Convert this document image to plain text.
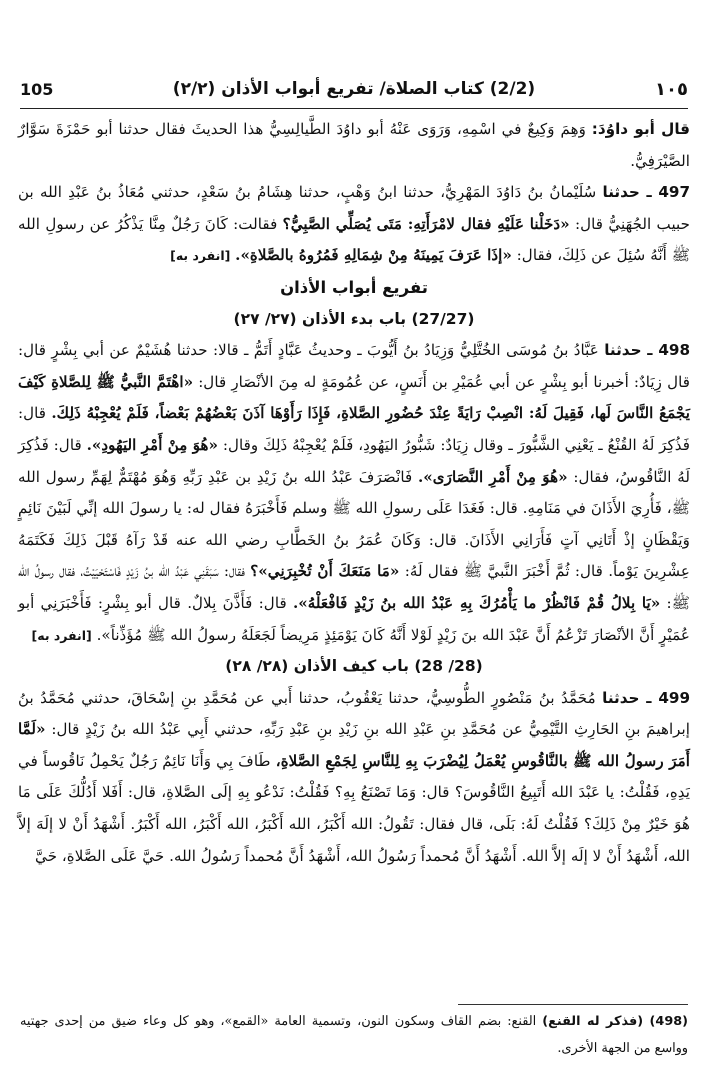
105	(2/2) كتاب الصلاة/ تفريع أبواب الأذان (٢/٢)	١٠٥

قال أبو داوُدَ: وَهِمَ وَكِيعٌ في اسْمِهِ، وَرَوَى عَنْهُ أبو داوُدَ الطَّيالِسِيُّ هذا الحديثَ فقال حدثنا أبو حَمْزَةَ سَوَّارٌ الصَّيْرَفِيُّ.

497 ـ حدثنا سُلَيْمانُ بنُ دَاوُدَ المَهْرِيُّ، حدثنا ابنُ وَهْبٍ، حدثنا هِشَامُ بنُ سَعْدٍ، حدثني مُعَاذُ بنُ عَبْدِ الله بن حبيب الجُهَنِيُّ قال: «دَخَلْنا عَلَيْهِ فقال لامْرَأَتِهِ: مَتَى يُصَلِّي الصَّبِيُّ؟ فقالت: كَانَ رَجُلٌ مِنَّا يَذْكُرُ عن رسولِ الله ﷺ أَنَّهُ سُئِلَ عن ذَلِكَ، فقال: «إذَا عَرَفَ يَمِينَهُ مِنْ شِمَالِهِ فَمُرُوهُ بالصَّلاةِ». [انفرد به]

تفريع أبواب الأذان
(27/27) باب بدء الأذان (٢٧/ ٢٧)

498 ـ حدثنا عَبَّادُ بنُ مُوسَى الخُتَّلِيُّ وَزِيَادُ بنُ أَيُّوبَ ـ وحديثُ عَبَّادٍ أَتَمُّ ـ قالا: حدثنا هُشَيْمٌ عن أبي بِشْرٍ قال: قال زِيَادٌ: أخبرنا أبو بِشْرٍ عن أبي عُمَيْرِ بن أَنَسٍ، عن عُمُومَةٍ له مِنَ الأنْصَارِ قال: «اهْتَمَّ النَّبيُّ ﷺ لِلصَّلاةِ كَيْفَ يَجْمَعُ النَّاسَ لَها، فَقِيلَ لَهُ: انْصِبْ رَايَةً عِنْدَ حُضُورِ الصَّلاةِ، فَإِذَا رَأَوْهَا آذَنَ بَعْضُهُمْ بَعْضاً، فَلَمْ يُعْجِبْهُ ذَلِكَ. قال: فَذُكِرَ لَهُ القُنْعُ ـ يَعْنِي الشَّبُّورَ ـ وقال زِيَادٌ: شَبُّورُ اليَهُودِ، فَلَمْ يُعْجِبْهُ ذَلِكَ وقال: «هُوَ مِنْ أَمْرِ اليَهُودِ». قال: فَذُكِرَ لَهُ النَّاقُوسُ، فقال: «هُوَ مِنْ أَمْرِ النَّصَارَى». فَانْصَرَفَ عَبْدُ الله بنُ زَيْدِ بن عَبْدِ رَبِّهِ وَهُوَ مُهْتَمٌّ لِهَمِّ رسول الله ﷺ، فَأُرِيَ الأَذَانَ في مَنَامِهِ. قال: فَغَدَا عَلَى رسولِ الله ﷺ وسلم فَأَخْبَرَهُ فقال له: يا رسولَ الله إنِّي لَبَيْنَ نَائِمٍ وَيَقْظَانٍ إذْ أَتَانِي آتٍ فَأَرَانِي الأَذَانَ. قال: وَكَانَ عُمَرُ بنُ الخَطَّابِ رضي الله عنه قَدْ رَآهُ قَبْلَ ذَلِكَ فَكَتَمَهُ عِشْرِينَ يَوْماً. قال: ثُمَّ أَخْبَرَ النَّبيَّ ﷺ فقال لَهُ: «مَا مَنَعَكَ أَنْ تُخْبِرَنِي»؟ فقال: سَبَقَنِي عَبْدُ الله بنُ زَيْدٍ فَاسْتَحْيَيْتُ، فقال رسولُ الله ﷺ: «يَا بِلالُ قُمْ فَانْظُرْ ما يَأْمُرُكَ بِهِ عَبْدُ الله بنُ زَيْدٍ فَافْعَلْهُ». قال: فَأَذَّنَ بِلالٌ. قال أبو بِشْرٍ: فَأَخْبَرَنِي أبو عُمَيْرٍ أَنَّ الأنْصَارَ تَزْعُمُ أَنَّ عَبْدَ الله بنَ زَيْدٍ لَوْلا أَنَّهُ كَانَ يَوْمَئِذٍ مَرِيضاً لَجَعَلَهُ رسولُ الله ﷺ مُؤَذِّناً». [انفرد به]

(28/ 28) باب كيف الأذان (٢٨/ ٢٨)

499 ـ حدثنا مُحَمَّدُ بنُ مَنْصُورٍ الطُّوسِيُّ، حدثنا يَعْقُوبُ، حدثنا أَبي عن مُحَمَّدِ بنِ إسْحَاقَ، حدثني مُحَمَّدُ بنُ إبراهيمَ بنِ الحَارِثِ التَّيْمِيُّ عن مُحَمَّدِ بنِ عَبْدِ الله بنِ زَيْدِ بنِ عَبْدِ رَبِّهِ، حدثني أَبِي عَبْدُ الله بنُ زَيْدٍ قال: «لَمَّا أَمَرَ رسولُ الله ﷺ بالنَّاقُوسِ يُعْمَلُ لِيُضْرَبَ بِهِ لِلنَّاسِ لِجَمْعِ الصَّلاةِ، طَافَ بِي وَأَنَا نَائِمٌ رَجُلٌ يَحْمِلُ نَاقُوساً في يَدِهِ، فَقُلْتُ: يا عَبْدَ الله أَتَبِيعُ النَّاقُوسَ؟ قال: وَمَا تَصْنَعُ بِهِ؟ فَقُلْتُ: نَدْعُو بِهِ إلَى الصَّلاةِ، قال: أَفَلا أَدُلُّكَ عَلَى مَا هُوَ خَيْرٌ مِنْ ذَلِكَ؟ فَقُلْتُ لَهُ: بَلَى، قال فقال: تَقُولُ: الله أَكْبَرُ، الله أَكْبَرُ، الله أَكْبَرُ، الله أَكْبَرُ. أَشْهَدُ أَنْ لا إلَهَ إلاَّ الله، أَشْهَدُ أَنْ لا إلَه إلاَّ الله. أَشْهَدُ أَنَّ مُحمداً رَسُولُ الله، أَشْهَدُ أَنَّ مُحمداً رَسُولُ الله. حَيَّ عَلَى الصَّلاةِ، حَيَّ

(498) (فذكر له القنع) القنع: بضم القاف وسكون النون، وتسمية العامة «القمع»، وهو كل وعاء ضيق من إحدى جهتيه وواسع من الجهة الأخرى.
